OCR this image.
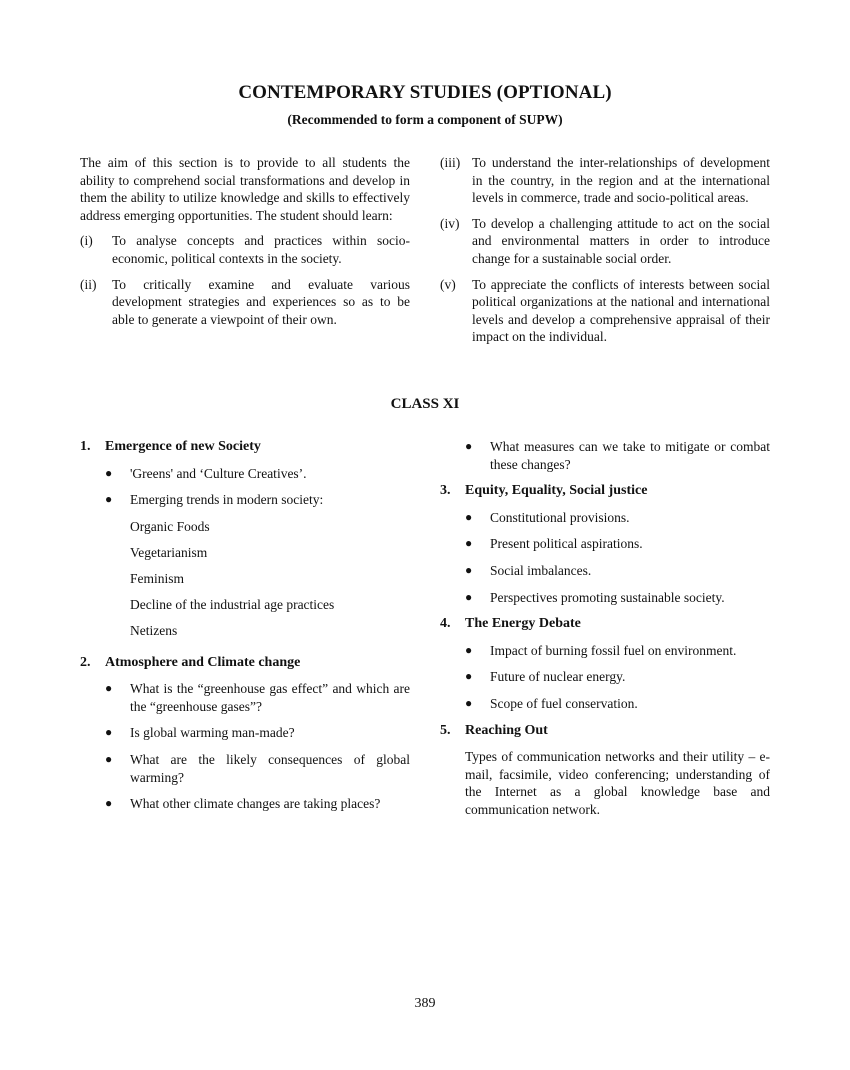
CONTEMPORARY STUDIES (OPTIONAL)
(Recommended to form a component of SUPW)
The aim of this section is to provide to all students the ability to comprehend social transformations and develop in them the ability to utilize knowledge and skills to effectively address emerging opportunities. The student should learn:
(i)	To analyse concepts and practices within socio-economic, political contexts in the society.
(ii)	To critically examine and evaluate various development strategies and experiences so as to be able to generate a viewpoint of their own.
(iii) To understand the inter-relationships of development in the country, in the region and at the international levels in commerce, trade and socio-political areas.
(iv) To develop a challenging attitude to act on the social and environmental matters in order to introduce change for a sustainable social order.
(v)	To appreciate the conflicts of interests between social political organizations at the national and international levels and develop a comprehensive appraisal of their impact on the individual.
CLASS XI
1.	Emergence of new Society
●	'Greens' and ‘Culture Creatives’.
●	Emerging trends in modern society:
Organic Foods
Vegetarianism
Feminism
Decline of the industrial age practices
Netizens
2.	Atmosphere and Climate change
●	What is the “greenhouse gas effect” and which are the “greenhouse gases”?
●	Is global warming man-made?
●	What are the likely consequences of global warming?
●	What other climate changes are taking places?
●	What measures can we take to mitigate or combat these changes?
3.	Equity, Equality, Social justice
●	Constitutional provisions.
●	Present political aspirations.
●	Social imbalances.
●	Perspectives promoting sustainable society.
4.	The Energy Debate
●	Impact of burning fossil fuel on environment.
●	Future of nuclear energy.
●	Scope of fuel conservation.
5.	Reaching Out
Types of communication networks and their utility – e-mail, facsimile, video conferencing; understanding of the Internet as a global knowledge base and communication network.
389
